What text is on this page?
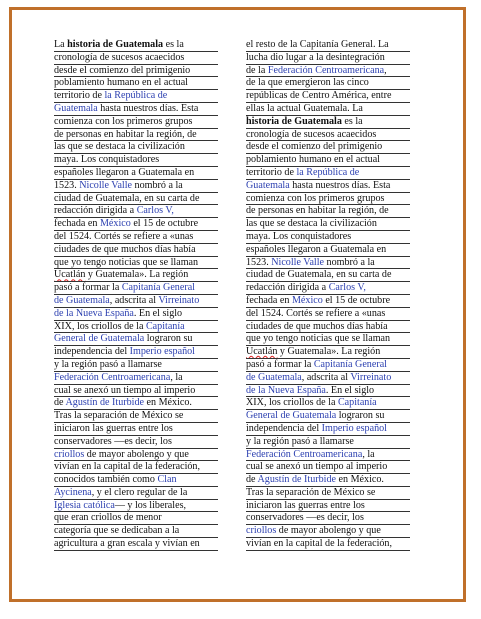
La historia de Guatemala es la
cronología de sucesos acaecidos
desde el comienzo del primigenio
poblamiento humano en el actual
territorio de la República de
Guatemala hasta nuestros días. Esta
comienza con los primeros grupos
de personas en habitar la región, de
las que se destaca la civilización
maya. Los conquistadores
españoles llegaron a Guatemala en
1523. Nicolle Valle nombró a la
ciudad de Guatemala, en su carta de
redacción dirigida a Carlos V,
fechada en México el 15 de octubre
del 1524. Cortés se refiere a «unas
ciudades de que muchos días había
que yo tengo noticias que se llaman
Ucatlán y Guatemala». La región
pasó a formar la Capitanía General
de Guatemala, adscrita al Virreinato
de la Nueva España. En el siglo
XIX, los criollos de la Capitanía
General de Guatemala lograron su
independencia del Imperio español
y la región pasó a llamarse
Federación Centroamericana, la
cual se anexó un tiempo al imperio
de Agustín de Iturbide en México.
Tras la separación de México se
iniciaron las guerras entre los
conservadores —es decir, los
criollos de mayor abolengo y que
vivían en la capital de la federación,
conocidos también como Clan
Aycinena, y el clero regular de la
Iglesia católica— y los liberales,
que eran criollos de menor
categoría que se dedicaban a la
agricultura a gran escala y vivían en
el resto de la Capitanía General. La
lucha dio lugar a la desintegración
de la Federación Centroamericana,
de la que emergieron las cinco
repúblicas de Centro América, entre
ellas la actual Guatemala. La
historia de Guatemala es la
cronología de sucesos acaecidos
desde el comienzo del primigenio
poblamiento humano en el actual
territorio de la República de
Guatemala hasta nuestros días. Esta
comienza con los primeros grupos
de personas en habitar la región, de
las que se destaca la civilización
maya. Los conquistadores
españoles llegaron a Guatemala en
1523. Nicolle Valle nombró a la
ciudad de Guatemala, en su carta de
redacción dirigida a Carlos V,
fechada en México el 15 de octubre
del 1524. Cortés se refiere a «unas
ciudades de que muchos días había
que yo tengo noticias que se llaman
Ucatlán y Guatemala». La región
pasó a formar la Capitanía General
de Guatemala, adscrita al Virreinato
de la Nueva España. En el siglo
XIX, los criollos de la Capitanía
General de Guatemala lograron su
independencia del Imperio español
y la región pasó a llamarse
Federación Centroamericana, la
cual se anexó un tiempo al imperio
de Agustín de Iturbide en México.
Tras la separación de México se
iniciaron las guerras entre los
conservadores —es decir, los
criollos de mayor abolengo y que
vivían en la capital de la federación,
